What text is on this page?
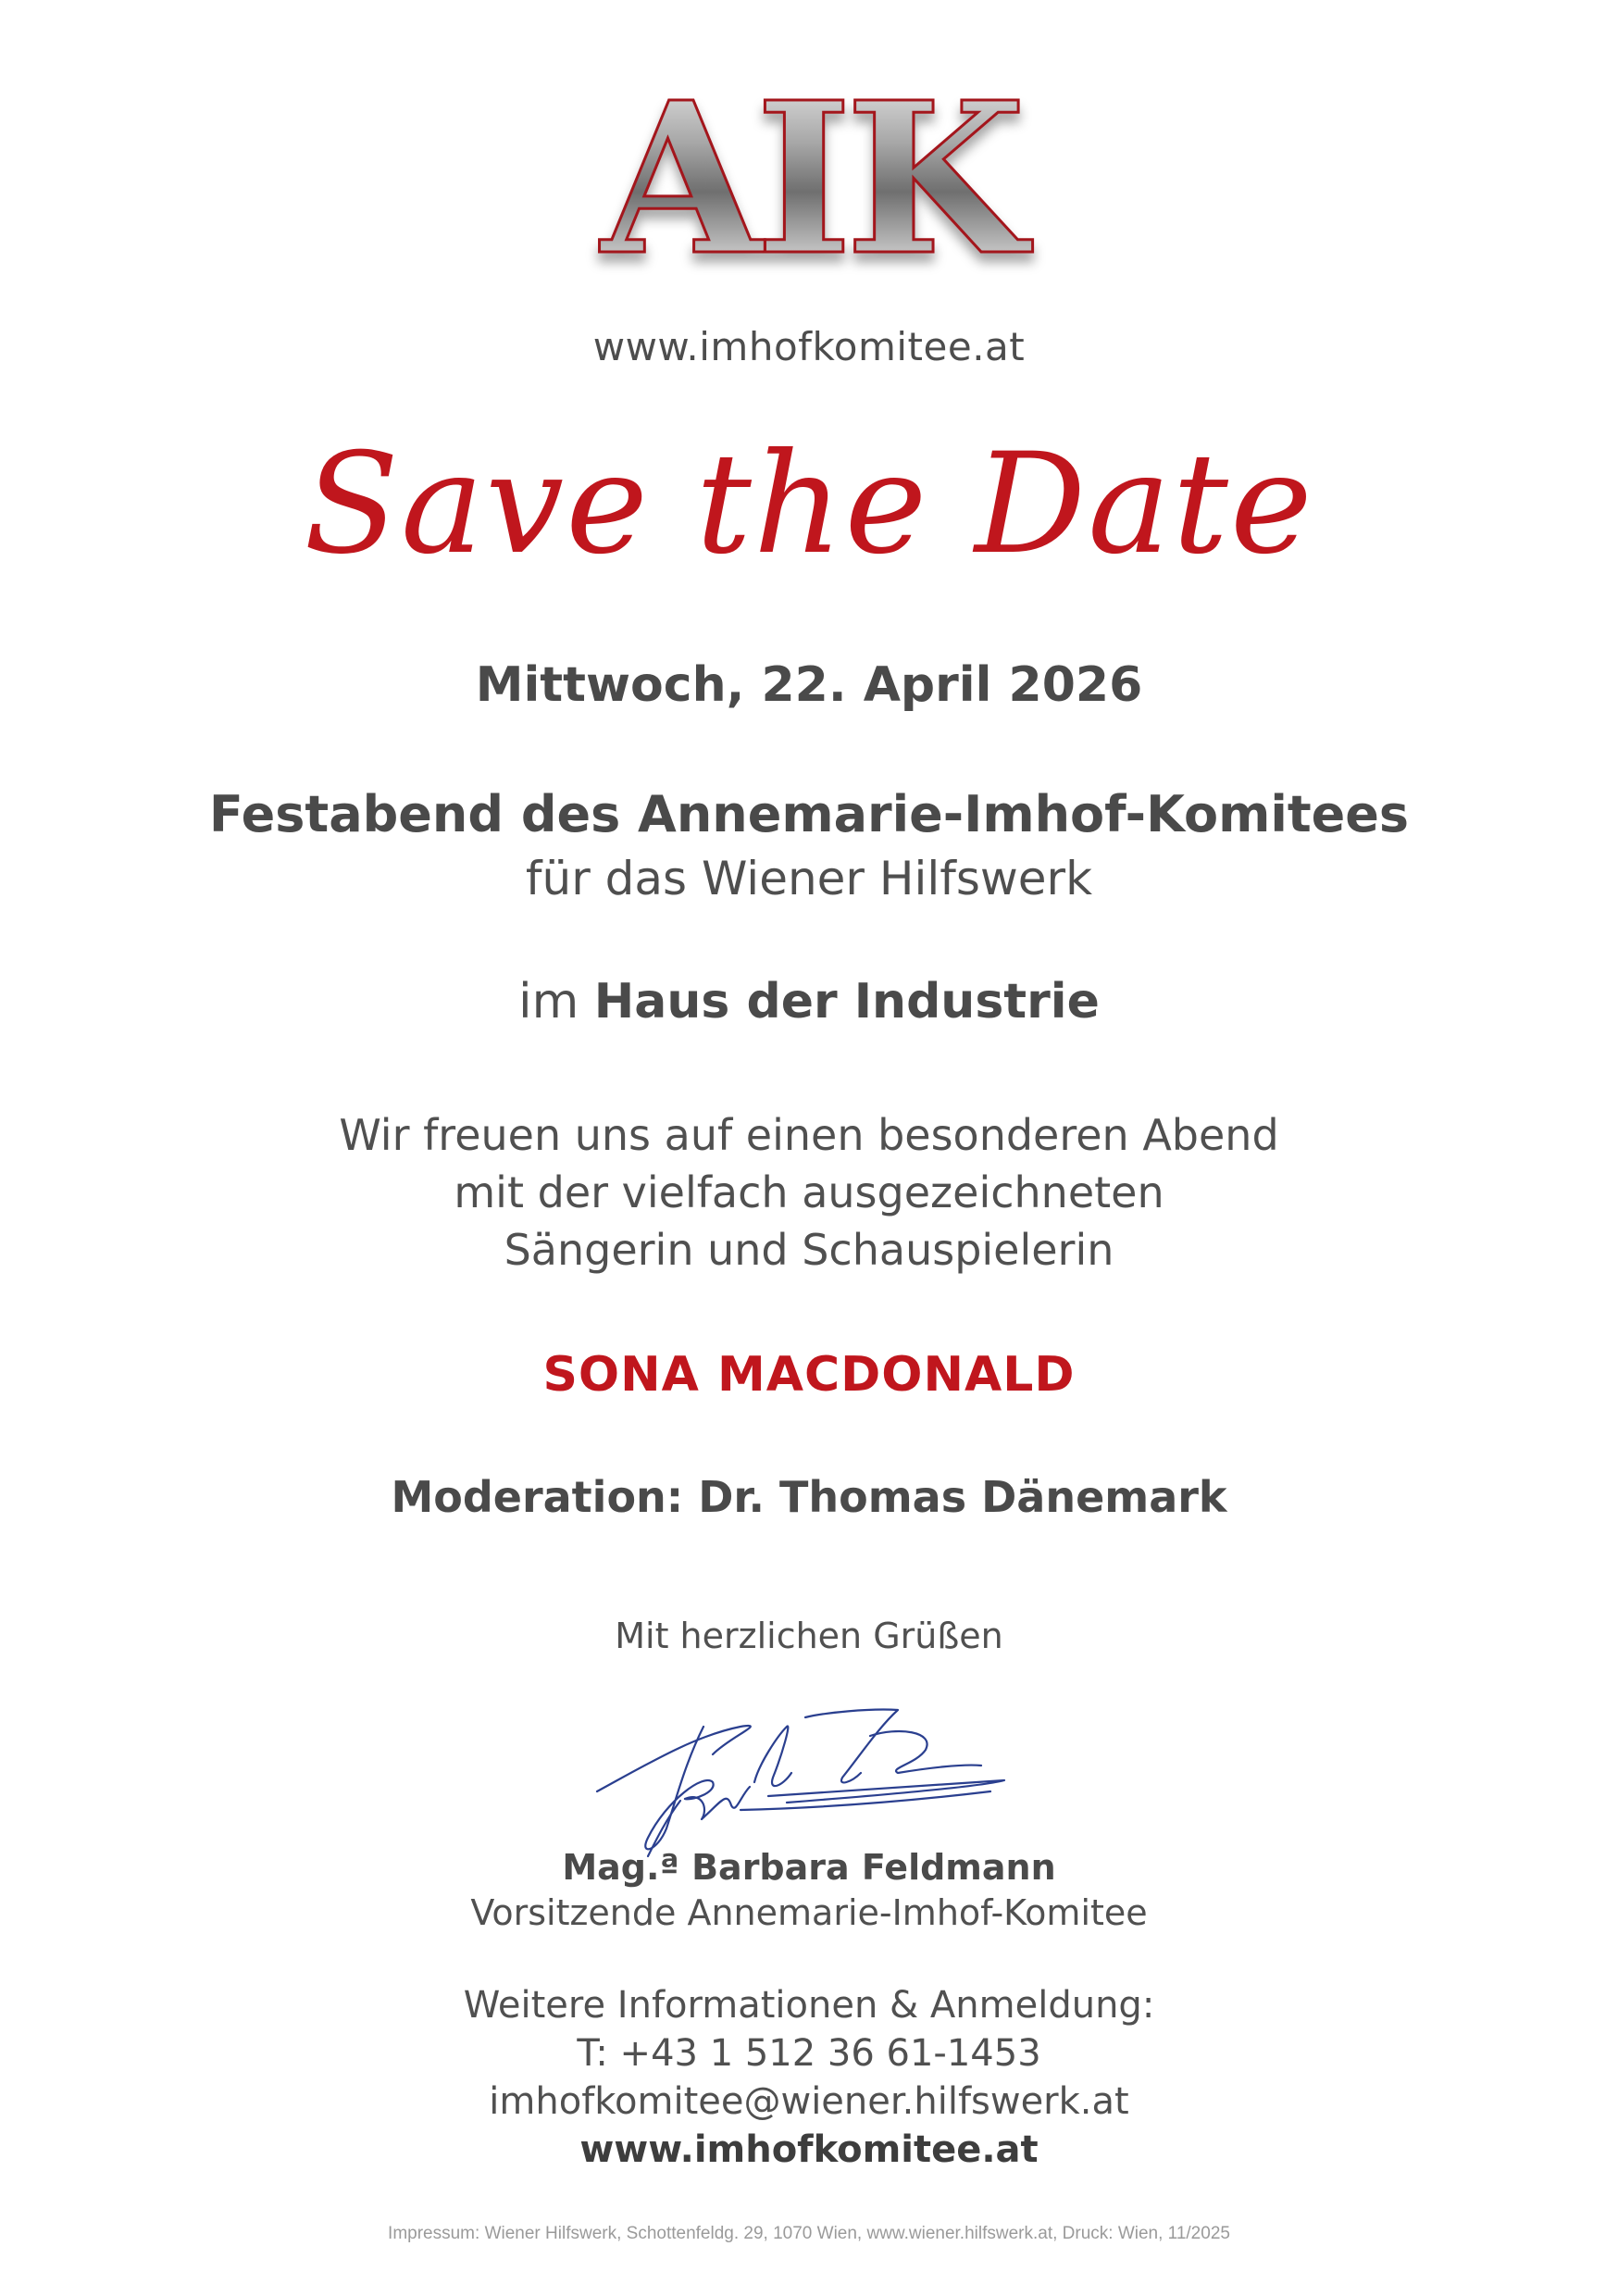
AIK
www.imhofkomitee.at
Save the Date
Mittwoch, 22. April 2026
Festabend des Annemarie-Imhof-Komitees
für das Wiener Hilfswerk
im Haus der Industrie
Wir freuen uns auf einen besonderen Abend
mit der vielfach ausgezeichneten
Sängerin und Schauspielerin
SONA MACDONALD
Moderation: Dr. Thomas Dänemark
Mit herzlichen Grüßen
Mag.ª Barbara Feldmann
Vorsitzende Annemarie-Imhof-Komitee
Weitere Informationen & Anmeldung:
T: +43 1 512 36 61-1453
imhofkomitee@wiener.hilfswerk.at
www.imhofkomitee.at
Impressum: Wiener Hilfswerk, Schottenfeldg. 29, 1070 Wien, www.wiener.hilfswerk.at, Druck: Wien, 11/2025
